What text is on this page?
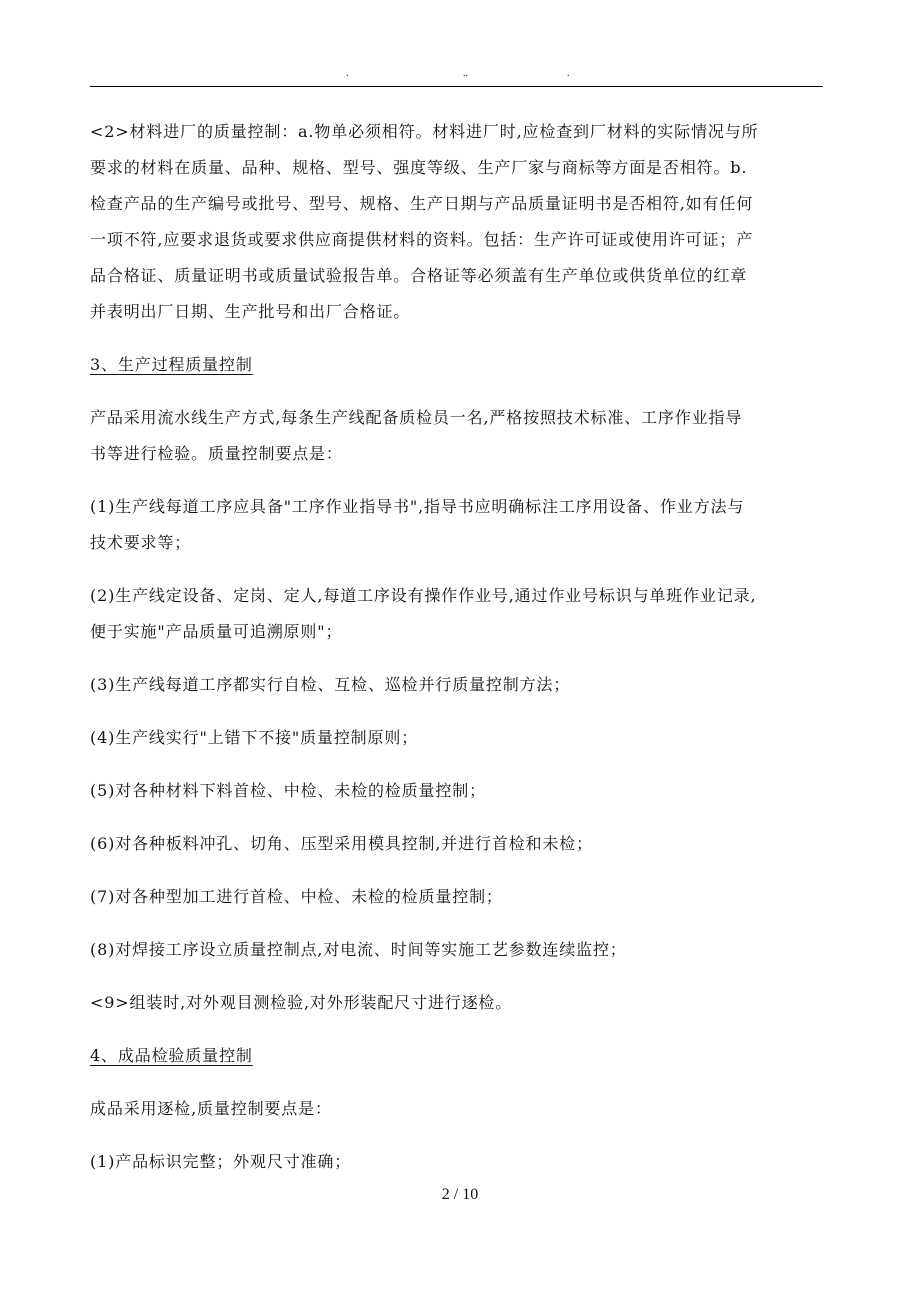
.	..	.

<2>材料进厂的质量控制：a.物单必须相符。材料进厂时,应检查到厂材料的实际情况与所

要求的材料在质量、品种、规格、型号、强度等级、生产厂家与商标等方面是否相符。b.

检查产品的生产编号或批号、型号、规格、生产日期与产品质量证明书是否相符,如有任何

一项不符,应要求退货或要求供应商提供材料的资料。包括：生产许可证或使用许可证；产

品合格证、质量证明书或质量试验报告单。合格证等必须盖有生产单位或供货单位的红章

并表明出厂日期、生产批号和出厂合格证。

3、生产过程质量控制

产品采用流水线生产方式,每条生产线配备质检员一名,严格按照技术标准、工序作业指导

书等进行检验。质量控制要点是：

(1)生产线每道工序应具备"工序作业指导书",指导书应明确标注工序用设备、作业方法与

技术要求等；

(2)生产线定设备、定岗、定人,每道工序设有操作作业号,通过作业号标识与单班作业记录,

便于实施"产品质量可追溯原则"；

(3)生产线每道工序都实行自检、互检、巡检并行质量控制方法；

(4)生产线实行"上错下不接"质量控制原则；

(5)对各种材料下料首检、中检、未检的检质量控制；

(6)对各种板料冲孔、切角、压型采用模具控制,并进行首检和未检；

(7)对各种型加工进行首检、中检、未检的检质量控制；

(8)对焊接工序设立质量控制点,对电流、时间等实施工艺参数连续监控；

<9>组装时,对外观目测检验,对外形装配尺寸进行逐检。

4、成品检验质量控制

成品采用逐检,质量控制要点是：

(1)产品标识完整；外观尺寸准确；

2 / 10
